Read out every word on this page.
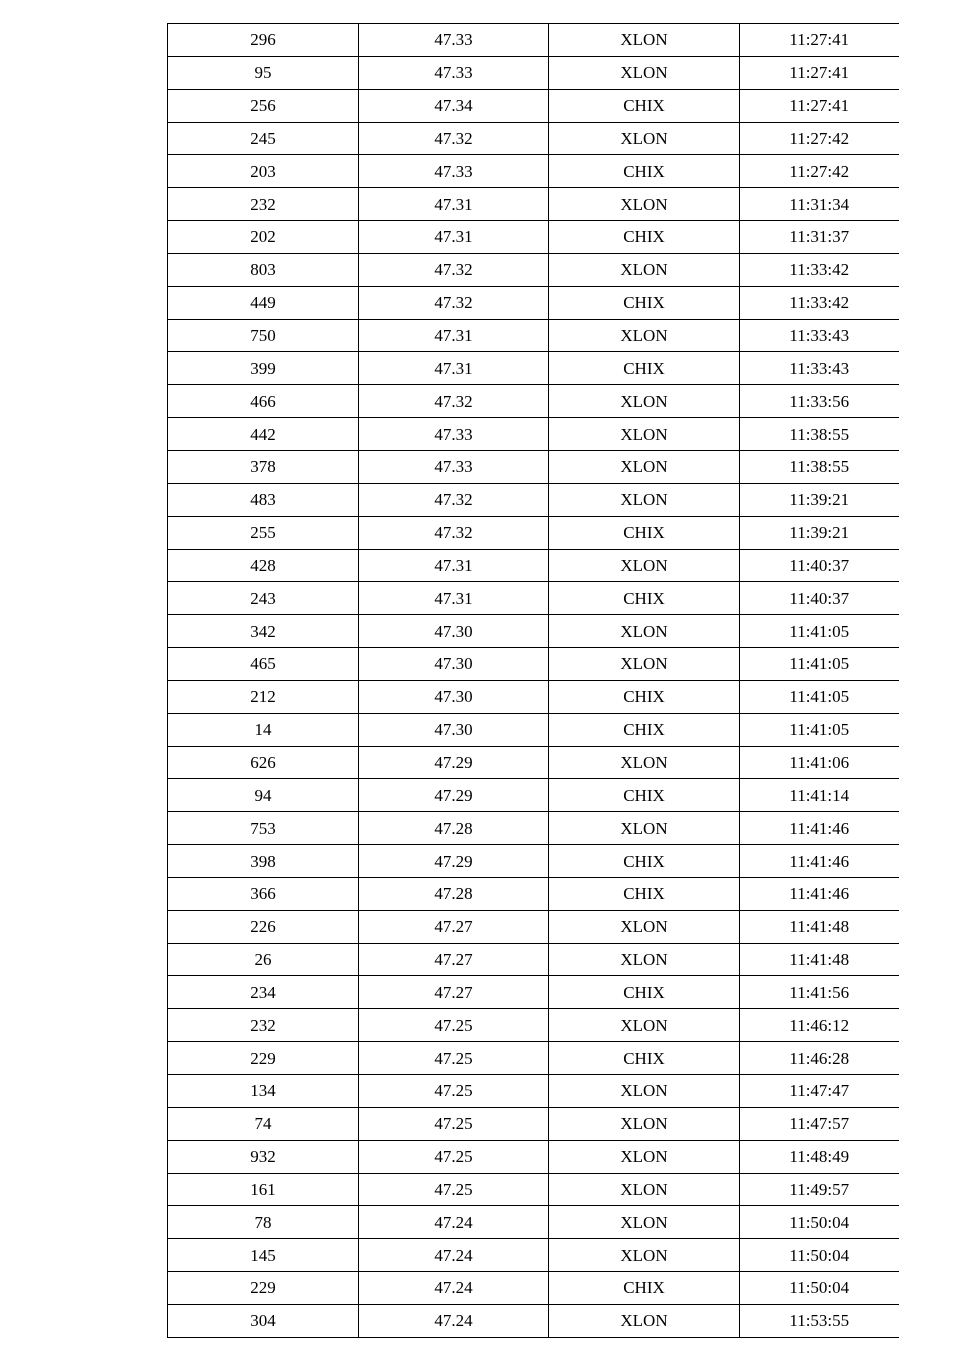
296	47.33	XLON	11:27:41
95	47.33	XLON	11:27:41
256	47.34	CHIX	11:27:41
245	47.32	XLON	11:27:42
203	47.33	CHIX	11:27:42
232	47.31	XLON	11:31:34
202	47.31	CHIX	11:31:37
803	47.32	XLON	11:33:42
449	47.32	CHIX	11:33:42
750	47.31	XLON	11:33:43
399	47.31	CHIX	11:33:43
466	47.32	XLON	11:33:56
442	47.33	XLON	11:38:55
378	47.33	XLON	11:38:55
483	47.32	XLON	11:39:21
255	47.32	CHIX	11:39:21
428	47.31	XLON	11:40:37
243	47.31	CHIX	11:40:37
342	47.30	XLON	11:41:05
465	47.30	XLON	11:41:05
212	47.30	CHIX	11:41:05
14	47.30	CHIX	11:41:05
626	47.29	XLON	11:41:06
94	47.29	CHIX	11:41:14
753	47.28	XLON	11:41:46
398	47.29	CHIX	11:41:46
366	47.28	CHIX	11:41:46
226	47.27	XLON	11:41:48
26	47.27	XLON	11:41:48
234	47.27	CHIX	11:41:56
232	47.25	XLON	11:46:12
229	47.25	CHIX	11:46:28
134	47.25	XLON	11:47:47
74	47.25	XLON	11:47:57
932	47.25	XLON	11:48:49
161	47.25	XLON	11:49:57
78	47.24	XLON	11:50:04
145	47.24	XLON	11:50:04
229	47.24	CHIX	11:50:04
304	47.24	XLON	11:53:55
